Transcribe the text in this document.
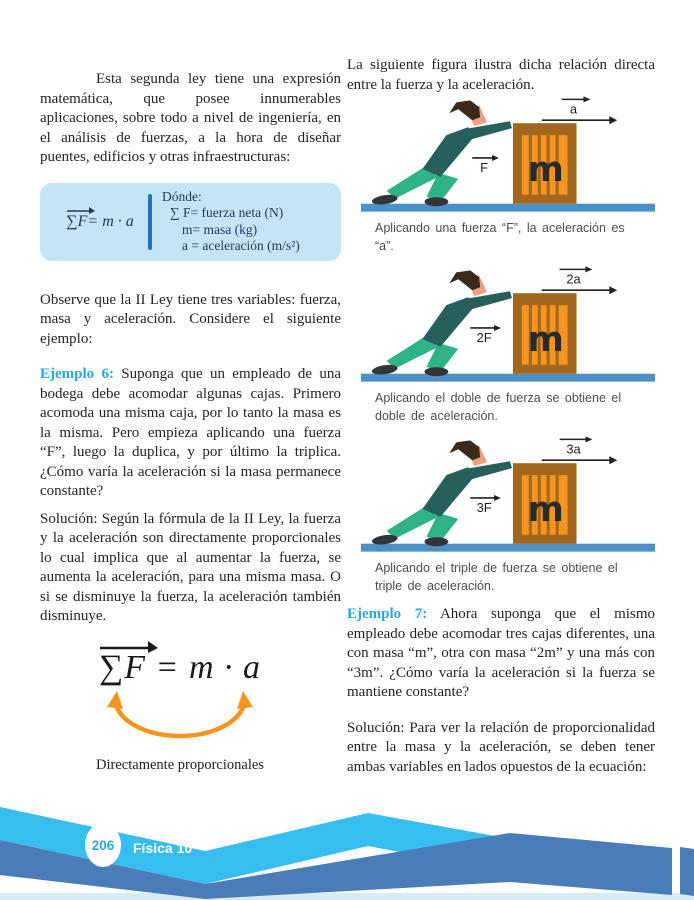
Esta segunda ley tiene una expresión matemática, que posee innumerables aplicaciones, sobre todo a nivel de ingeniería, en el análisis de fuerzas, a la hora de diseñar puentes, edificios y otras infraestructuras:

∑F = m · a
Dónde:
∑ F= fuerza neta (N)
m= masa (kg)
a = aceleración (m/s²)

Observe que la II Ley tiene tres variables: fuerza, masa y aceleración. Considere el siguiente ejemplo:

Ejemplo 6: Suponga que un empleado de una bodega debe acomodar algunas cajas. Primero acomoda una misma caja, por lo tanto la masa es la misma. Pero empieza aplicando una fuerza “F”, luego la duplica, y por último la triplica. ¿Cómo varía la aceleración si la masa permanece constante?

Solución: Según la fórmula de la II Ley, la fuerza y la aceleración son directamente proporcionales lo cual implica que al aumentar la fuerza, se aumenta la aceleración, para una misma masa. O si se disminuye la fuerza, la aceleración también disminuye.

∑F = m · a
Directamente proporcionales

La siguiente figura ilustra dicha relación directa entre la fuerza y la aceleración.

m
a
F
Aplicando una fuerza “F”, la aceleración es “a”.
m
2a
2F
Aplicando el doble de fuerza se obtiene el doble de aceleración.
m
3a
3F
Aplicando el triple de fuerza se obtiene el triple de aceleración.

Ejemplo 7: Ahora suponga que el mismo empleado debe acomodar tres cajas diferentes, una con masa “m”, otra con masa “2m” y una más con “3m”. ¿Cómo varía la aceleración si la fuerza se mantiene constante?

Solución: Para ver la relación de proporcionalidad entre la masa y la aceleración, se deben tener ambas variables en lados opuestos de la ecuación:

206 Física 10º
